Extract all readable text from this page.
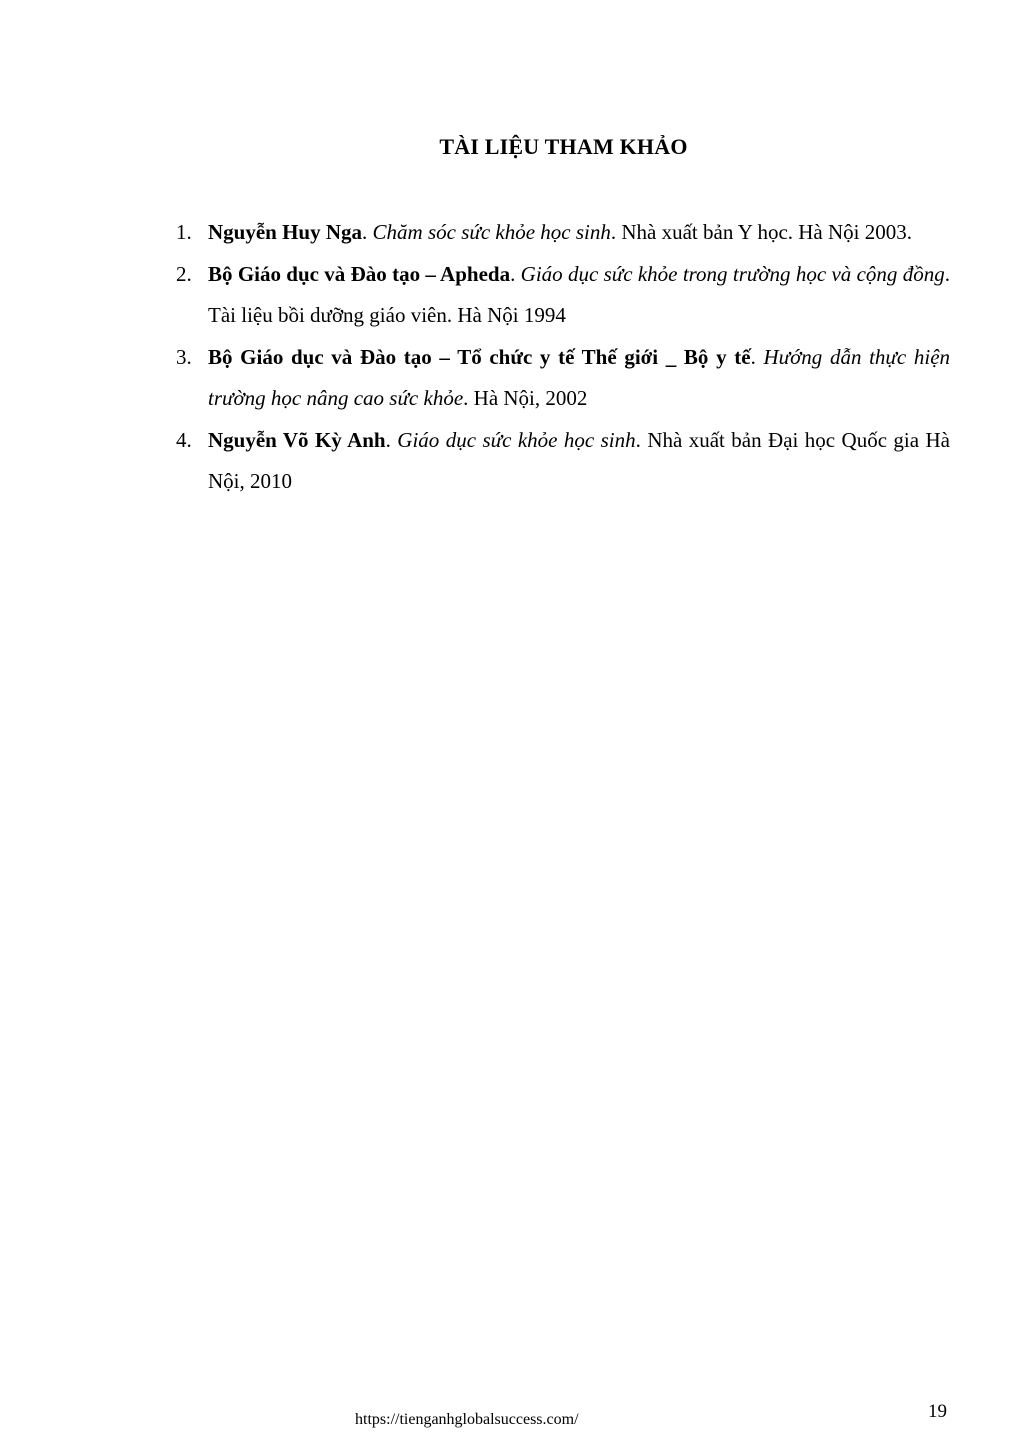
TÀI LIỆU THAM KHẢO
1. Nguyễn Huy Nga. Chăm sóc sức khỏe học sinh. Nhà xuất bản Y học. Hà Nội 2003.
2. Bộ Giáo dục và Đào tạo – Apheda. Giáo dục sức khỏe trong trường học và cộng đồng. Tài liệu bồi dưỡng giáo viên. Hà Nội 1994
3. Bộ Giáo dục và Đào tạo – Tổ chức y tế Thế giới _ Bộ y tế. Hướng dẫn thực hiện trường học nâng cao sức khỏe. Hà Nội, 2002
4. Nguyễn Võ Kỳ Anh. Giáo dục sức khỏe học sinh. Nhà xuất bản Đại học Quốc gia Hà Nội, 2010
https://tienganhglobalsuccess.com/	19
